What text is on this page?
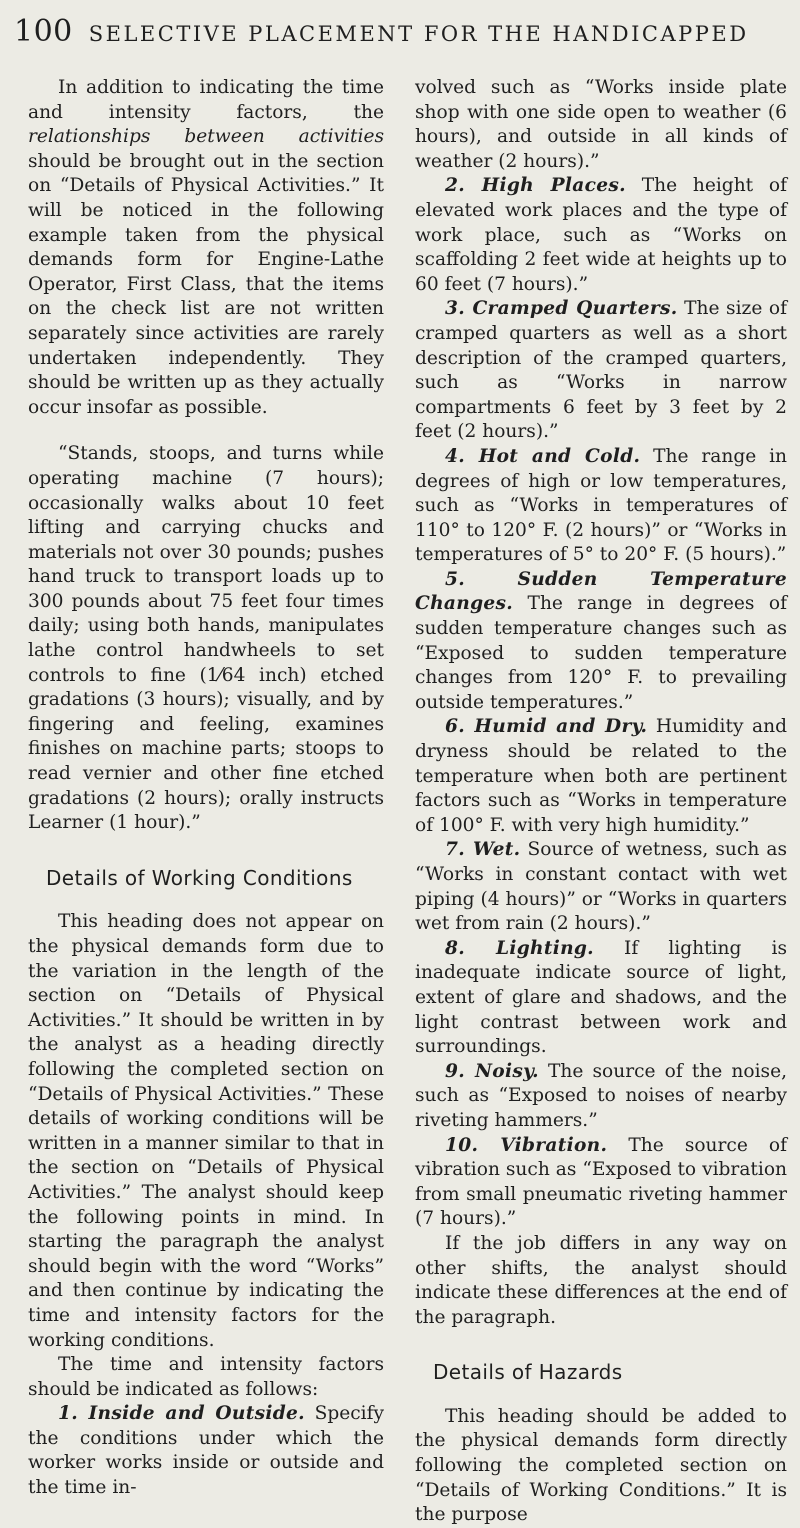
100 SELECTIVE PLACEMENT FOR THE HANDICAPPED

In addition to indicating the time and intensity factors, the relationships between activities should be brought out in the section on “Details of Physical Activities.” It will be noticed in the following example taken from the physical demands form for Engine-Lathe Operator, First Class, that the items on the check list are not written separately since activities are rarely undertaken independently. They should be written up as they actually occur insofar as possible.

“Stands, stoops, and turns while operating machine (7 hours); occasionally walks about 10 feet lifting and carrying chucks and materials not over 30 pounds; pushes hand truck to transport loads up to 300 pounds about 75 feet four times daily; using both hands, manipulates lathe control handwheels to set controls to fine (1⁄64 inch) etched gradations (3 hours); visually, and by fingering and feeling, examines finishes on machine parts; stoops to read vernier and other fine etched gradations (2 hours); orally instructs Learner (1 hour).”

Details of Working Conditions

This heading does not appear on the physical demands form due to the variation in the length of the section on “Details of Physical Activities.” It should be written in by the analyst as a heading directly following the completed section on “Details of Physical Activities.” These details of working conditions will be written in a manner similar to that in the section on “Details of Physical Activities.” The analyst should keep the following points in mind. In starting the paragraph the analyst should begin with the word “Works” and then continue by indicating the time and intensity factors for the working conditions.

The time and intensity factors should be indicated as follows:

1. Inside and Outside. Specify the conditions under which the worker works inside or outside and the time in-

volved such as “Works inside plate shop with one side open to weather (6 hours), and outside in all kinds of weather (2 hours).”

2. High Places. The height of elevated work places and the type of work place, such as “Works on scaffolding 2 feet wide at heights up to 60 feet (7 hours).”

3. Cramped Quarters. The size of cramped quarters as well as a short description of the cramped quarters, such as “Works in narrow compartments 6 feet by 3 feet by 2 feet (2 hours).”

4. Hot and Cold. The range in degrees of high or low temperatures, such as “Works in temperatures of 110° to 120° F. (2 hours)” or “Works in temperatures of 5° to 20° F. (5 hours).”

5. Sudden Temperature Changes. The range in degrees of sudden temperature changes such as “Exposed to sudden temperature changes from 120° F. to prevailing outside temperatures.”

6. Humid and Dry. Humidity and dryness should be related to the temperature when both are pertinent factors such as “Works in temperature of 100° F. with very high humidity.”

7. Wet. Source of wetness, such as “Works in constant contact with wet piping (4 hours)” or “Works in quarters wet from rain (2 hours).”

8. Lighting. If lighting is inadequate indicate source of light, extent of glare and shadows, and the light contrast between work and surroundings.

9. Noisy. The source of the noise, such as “Exposed to noises of nearby riveting hammers.”

10. Vibration. The source of vibration such as “Exposed to vibration from small pneumatic riveting hammer (7 hours).”

If the job differs in any way on other shifts, the analyst should indicate these differences at the end of the paragraph.

Details of Hazards

This heading should be added to the physical demands form directly following the completed section on “Details of Working Conditions.” It is the purpose
